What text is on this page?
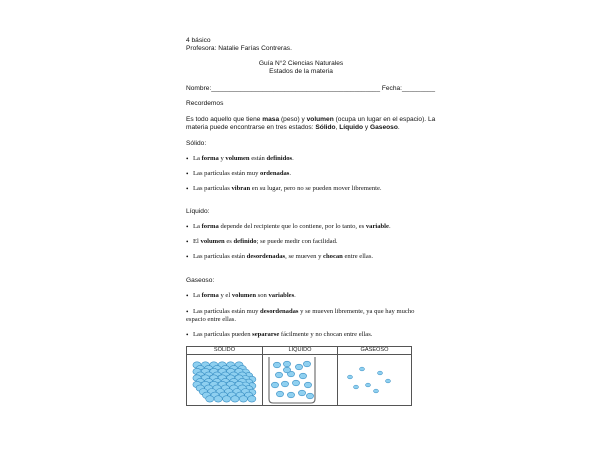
4 básico
Profesora: Natalie Farías Contreras.
Guía N°2 Ciencias Naturales
Estados de la materia
Nombre:______________________________________________ Fecha:_________
Recordemos
Es todo aquello que tiene masa (peso) y volumen (ocupa un lugar en el espacio). La
materia puede encontrarse en tres estados: Sólido, Líquido y Gaseoso.
Sólido:
• La forma y volumen están definidos.
• Las partículas están muy ordenadas.
• Las partículas vibran en su lugar, pero no se pueden mover libremente.
Líquido:
• La forma depende del recipiente que lo contiene, por lo tanto, es variable.
• El volumen es definido; se puede medir con facilidad.
• Las partículas están desordenadas, se mueven y chocan entre ellas.
Gaseoso:
• La forma y el volumen son variables.
• Las partículas están muy desordenadas y se mueven libremente, ya que hay mucho
espacio entre ellas.
• Las partículas pueden separarse fácilmente y no chocan entre ellas.
SÓLIDO	LÍQUIDO	GASEOSO
